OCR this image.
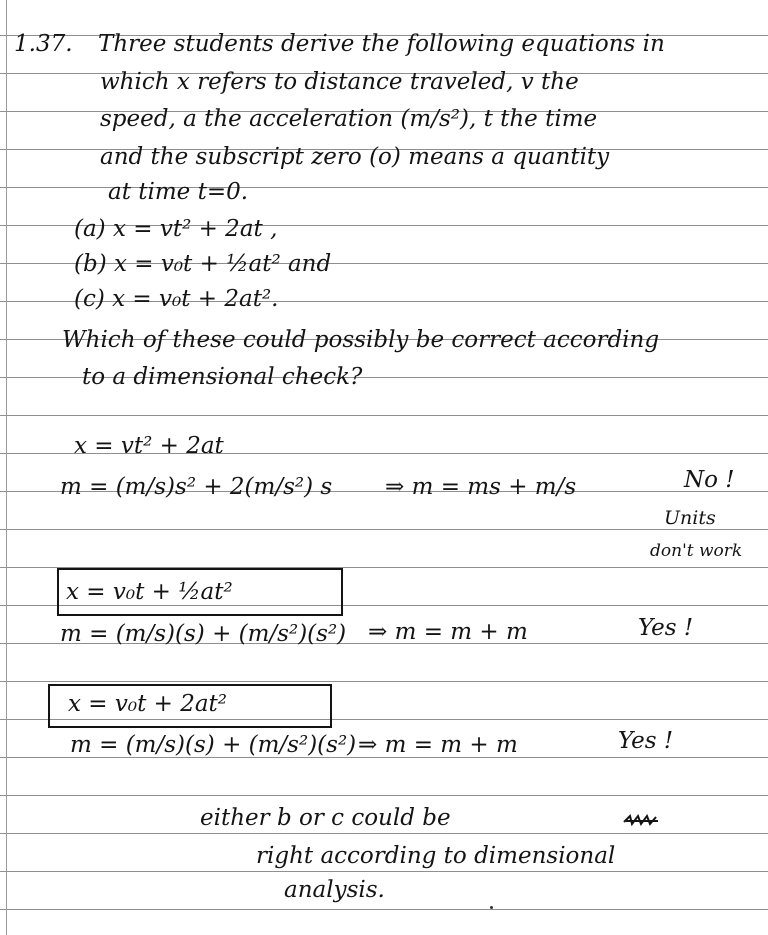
1.37. Three students derive the following equations in
which x refers to distance traveled, v the
speed, a the acceleration (m/s²), t the time
and the subscript zero (o) means a quantity
at time t=0.
(a) x = vt² + 2at ,
(b) x = v₀t + ½at² and
(c) x = v₀t + 2at².
Which of these could possibly be correct according
to a dimensional check?
x = vt² + 2at
m = (m/s)s² + 2(m/s²) s ⇒ m = ms + m/s	No !
Units
don't work
x = v₀t + ½at²
m = (m/s)(s) + (m/s²)(s²) ⇒ m = m + m	Yes !
x = v₀t + 2at²
m = (m/s)(s) + (m/s²)(s²) ⇒ m = m + m	Yes !
either b or c could be
right according to dimensional
analysis.
